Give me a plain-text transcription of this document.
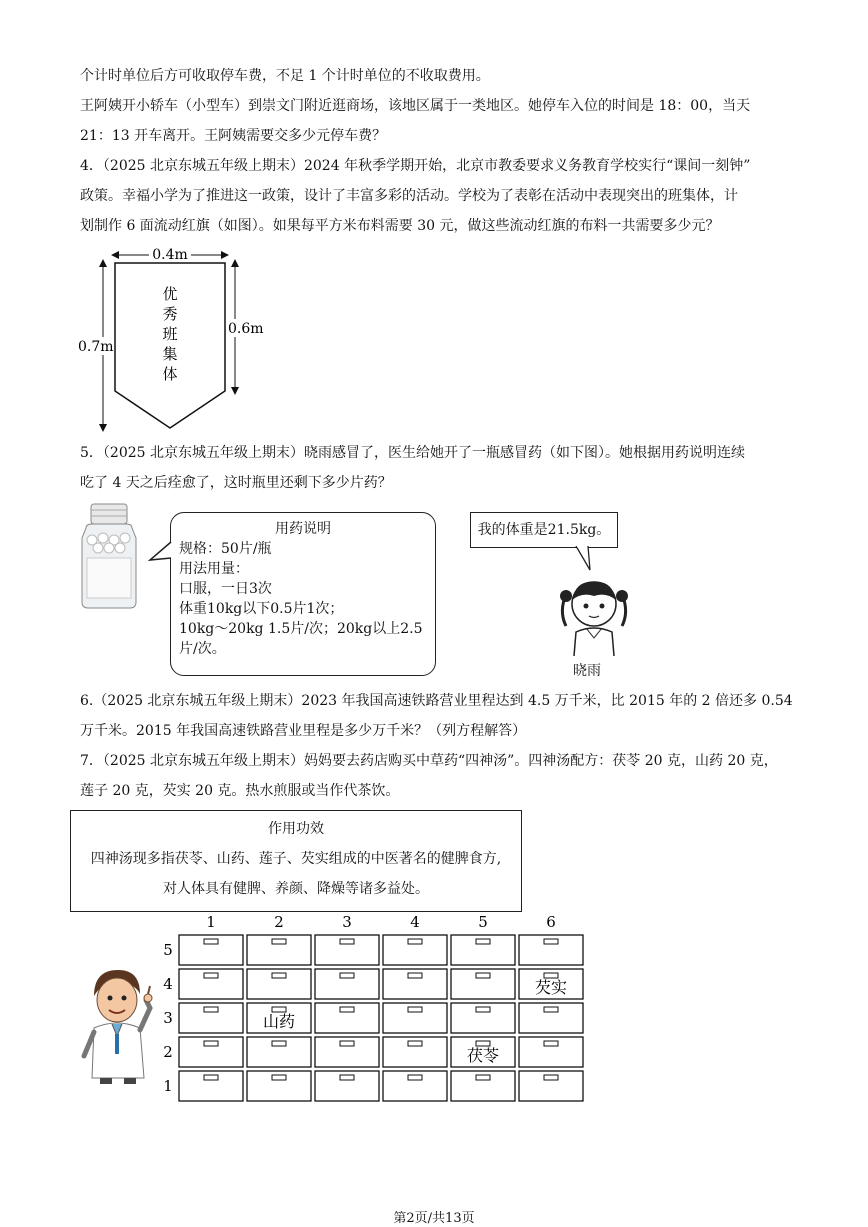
个计时单位后方可收取停车费，不足 1 个计时单位的不收取费用。
王阿姨开小轿车（小型车）到崇文门附近逛商场，该地区属于一类地区。她停车入位的时间是 18：00，当天
21：13 开车离开。王阿姨需要交多少元停车费？
4．（2025 北京东城五年级上期末）2024 年秋季学期开始，北京市教委要求义务教育学校实行“课间一刻钟”
政策。幸福小学为了推进这一政策，设计了丰富多彩的活动。学校为了表彰在活动中表现突出的班集体，计
划制作 6 面流动红旗（如图）。如果每平方米布料需要 30 元，做这些流动红旗的布料一共需要多少元？
0.4m
0.7m
0.6m
优
秀
班
集
体
5．（2025 北京东城五年级上期末）晓雨感冒了，医生给她开了一瓶感冒药（如下图）。她根据用药说明连续
吃了 4 天之后痊愈了，这时瓶里还剩下多少片药？
用药说明
规格：50片/瓶
用法用量：
口服，一日3次
体重10kg以下0.5片1次；
10kg～20kg 1.5片/次；20kg以上2.5
片/次。
我的体重是21.5kg。
晓雨
6.（2025 北京东城五年级上期末）2023 年我国高速铁路营业里程达到 4.5 万千米，比 2015 年的 2 倍还多 0.54
万千米。2015 年我国高速铁路营业里程是多少万千米？（列方程解答）
7．（2025 北京东城五年级上期末）妈妈要去药店购买中草药“四神汤”。四神汤配方：茯苓 20 克，山药 20 克，
莲子 20 克，芡实 20 克。热水煎服或当作代茶饮。
作用功效
四神汤现多指茯苓、山药、莲子、芡实组成的中医著名的健脾食方,
对人体具有健脾、养颜、降燥等诸多益处。
1	2	3	4	5	6
5
4
3
2
1
芡实
山药
茯苓
第2页/共13页
